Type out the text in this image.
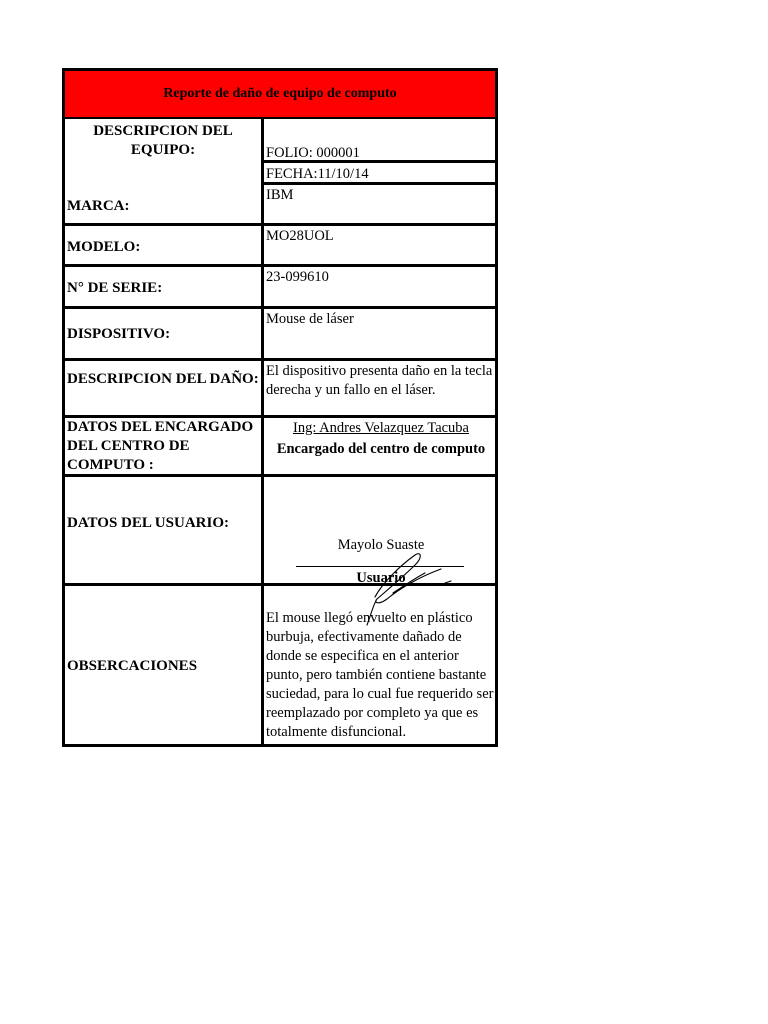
Reporte de daño de equipo de computo
DESCRIPCION DEL EQUIPO:	FOLIO: 000001
FECHA:11/10/14
MARCA:
IBM
MODELO:
MO28UOL
N° DE SERIE:
23-099610
DISPOSITIVO:
Mouse de láser
DESCRIPCION DEL DAÑO: El dispositivo presenta daño en la tecla derecha y un fallo en el láser.
DATOS DEL ENCARGADO DEL CENTRO DE COMPUTO :
Ing: Andres Velazquez Tacuba
Encargado del centro de computo
DATOS DEL USUARIO:
Mayolo Suaste
Usuario
OBSERCACIONES
El mouse llegó envuelto en plástico burbuja, efectivamente dañado de donde se especifica en el anterior punto, pero también contiene bastante suciedad, para lo cual fue requerido ser reemplazado por completo ya que es totalmente disfuncional.
